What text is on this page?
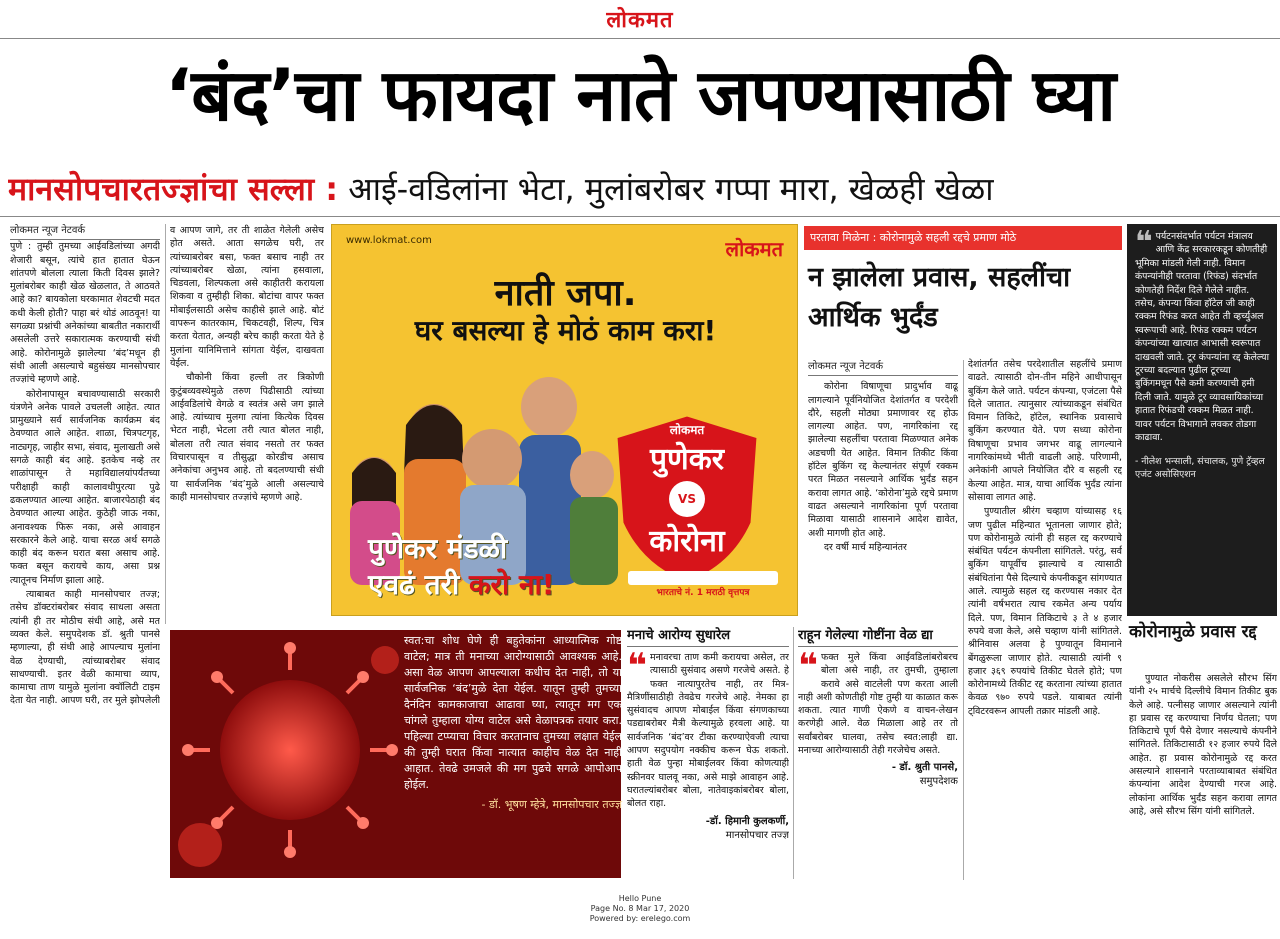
लोकमत
‘बंद’चा फायदा नाते जपण्यासाठी घ्या
मानसोपचारतज्ज्ञांचा सल्ला : आई-वडिलांना भेटा, मुलांबरोबर गप्पा मारा, खेळही खेळा
लोकमत न्यूज नेटवर्क

पुणे : तुम्ही तुमच्या आईवडिलांच्या अगदी शेजारी बसून, त्यांचे हात हातात घेऊन शांतपणे बोलला त्याला किती दिवस झाले? मुलांबरोबर काही खेळ खेळलात, ते आठवते आहे का? बायकोला घरकामात शेवटची मदत कधी केली होती? पाहा बरं थोडं आठवून! या सगळ्या प्रश्नांची अनेकांच्या बाबतीत नकारार्थी असलेली उत्तरे सकारात्मक करण्याची संधी आहे. कोरोनामुळे झालेल्या ‘बंद’मधून ही संधी आली असल्याचे बहुसंख्य मानसोपचार तज्ज्ञांचे म्हणणे आहे.

कोरोनापासून बचावण्यासाठी सरकारी यंत्रणेने अनेक पावले उचलली आहेत. त्यात प्रामुख्याने सर्व सार्वजनिक कार्यक्रम बंद ठेवण्यात आले आहेत. शाळा, चित्रपटगृह, नाट्यगृह, जाहीर सभा, संवाद, मुलाखती असे सगळे काही बंद आहे. इतकेच नव्हे तर शाळांपासून ते महाविद्यालयांपर्यंतच्या परीक्षाही काही कालावधीपुरत्या पुढे ढकलण्यात आल्या आहेत. बाजारपेठाही बंद ठेवण्यात आल्या आहेत. कुठेही जाऊ नका, अनावश्यक फिरू नका, असे आवाहन सरकारने केले आहे. याचा सरळ अर्थ सगळे काही बंद करून घरात बसा असाच आहे. फक्त बसून करायचे काय, असा प्रश्न त्यातूनच निर्माण झाला आहे.

त्याबाबत काही मानसोपचार तज्ज्ञ; तसेच डॉक्टरांबरोबर संवाद साधला असता त्यांनी ही तर मोठीच संधी आहे, असे मत व्यक्त केले. समुपदेशक डॉ. श्रुती पानसे म्हणाल्या, ही संधी आहे आपल्याच मुलांना वेळ देण्याची, त्यांच्याबरोबर संवाद साधण्याची. इतर वेळी कामाचा व्याप, कामाचा ताण यामुळे मुलांना क्वॉलिटी टाइम देता येत नाही. आपण घरी, तर मुले झोपलेली

व आपण जागे, तर ती शाळेत गेलेली असेच होत असते. आता सगळेच घरी, तर त्यांच्याबरोबर बसा, फक्त बसाच नाही तर त्यांच्याबरोबर खेळा, त्यांना हसवाला, चिडवला, शिल्पकला असे काहीतरी करायला शिकवा व तुम्हीही शिका. बोटांचा वापर फक्त मोबाईलसाठी असेच काहीसे झाले आहे. बोटं वापरून कातरकाम, चिकटवही, शिल्प, चित्र करता येतात, अन्यही बरेच काही करता येते हे मुलांना यानिमित्ताने सांगता येईल, दाखवता येईल.

चौकोनी किंवा हल्ली तर त्रिकोणी कुटुंबव्यवस्थेमुळे तरुण पिढीसाठी त्यांच्या आईवडिलांचे वेगळे व स्वतंत्र असे जग झाले आहे. त्यांच्याच मुलगा त्यांना कित्येक दिवस भेटत नाही, भेटला तरी त्यात बोलत नाही, बोलला तरी त्यात संवाद नसतो तर फक्त विचारपासून व तीसुद्धा कोरडीच असाच अनेकांचा अनुभव आहे. तो बदलण्याची संधी या सार्वजनिक ‘बंद’मुळे आली असल्याचे काही मानसोपचार तज्ज्ञांचे म्हणणे आहे.

www.lokmat.com	लोकमत
नाती जपा.
घर बसल्या हे मोठं काम करा!
लोकमत
पुणेकर
VS
कोरोना
पुणेकर मंडळी
एवढं तरी करो ना!	भारताचे नं. 1 मराठी वृत्तपत्र
परतावा मिळेना : कोरोनामुळे सहली रद्दचे प्रमाण मोठे
न झालेला प्रवास, सहलींचा आर्थिक भुर्दंड
लोकमत न्यूज नेटवर्क

कोरोना विषाणूचा प्रादुर्भाव वाढू लागल्याने पूर्वनियोजित देशांतर्गत व परदेशी दौरे, सहली मोठ्या प्रमाणावर रद्द होऊ लागल्या आहेत. पण, नागरिकांना रद्द झालेल्या सहलींचा परतावा मिळण्यात अनेक अडचणी येत आहेत. विमान तिकीट किंवा हॉटेल बुकिंग रद्द केल्यानंतर संपूर्ण रक्कम परत मिळत नसल्याने आर्थिक भुर्दंड सहन करावा लागत आहे. ‘कोरोना’मुळे रद्दचे प्रमाण वाढत असल्याने नागरिकांना पूर्ण परतावा मिळावा यासाठी शासनाने आदेश द्यावेत, अशी मागणी होत आहे.

दर वर्षी मार्च महिन्यानंतर

देशांतर्गत तसेच परदेशातील सहलींचे प्रमाण वाढते. त्यासाठी दोन-तीन महिने आधीपासून बुकिंग केले जाते. पर्यटन कंपन्या, एजंटला पैसे दिले जातात. त्यानुसार त्यांच्याकडून संबंधित विमान तिकिटे, हॉटेल, स्थानिक प्रवासाचे बुकिंग करण्यात येते. पण सध्या कोरोना विषाणूचा प्रभाव जगभर वाढू लागल्याने नागरिकांमध्ये भीती वाढली आहे. परिणामी, अनेकांनी आपले नियोजित दौरे व सहली रद्द केल्या आहेत. मात्र, याचा आर्थिक भुर्दंड त्यांना सोसावा लागत आहे.

पुण्यातील श्रीरंग चव्हाण यांच्यासह १६ जण पुढील महिन्यात भूतानला जाणार होते; पण कोरोनामुळे त्यांनी ही सहल रद्द करण्याचे संबंधित पर्यटन कंपनीला सांगितले. परंतु, सर्व बुकिंग यापूर्वीच झाल्याचे व त्यासाठी संबंधितांना पैसे दिल्याचे कंपनीकडून सांगण्यात आले. त्यामुळे सहल रद्द करण्यास नकार देत त्यांनी वर्षभरात त्याच रकमेत अन्य पर्याय दिले. पण, विमान तिकिटाचे ३ ते ४ हजार रुपये वजा केले, असे चव्हाण यांनी सांगितले. श्रीनिवास अलवा हे पुण्यातून विमानाने बेंगळुरूला जाणार होते. त्यासाठी त्यांनी ९ हजार ३६९ रुपयांचे तिकीट घेतले होते; पण कोरोनामध्ये तिकीट रद्द करताना त्यांच्या हातात केवळ ९७० रुपये पडले. याबाबत त्यांनी ट्विटरवरून आपली तक्रार मांडली आहे.

❝ पर्यटनसंदर्भात पर्यटन मंत्रालय आणि केंद्र सरकारकडून कोणतीही भूमिका मांडली गेली नाही. विमान कंपन्यांनीही परतावा (रिफंड) संदर्भात कोणतेही निर्देश दिले गेलेले नाहीत. तसेच, कंपन्या किंवा हॉटेल जी काही रक्कम रिफंड करत आहेत ती व्हर्च्युअल स्वरूपाची आहे. रिफंड रक्कम पर्यटन कंपन्यांच्या खात्यात आभासी स्वरूपात दाखवली जाते. टूर कंपन्यांना रद्द केलेल्या टूरच्या बदल्यात पुढील टूरच्या बुकिंगमधून पैसे कमी करण्याची हमी दिली जाते. यामुळे टूर व्यावसायिकांच्या हातात रिफंडची रक्कम मिळत नाही. यावर पर्यटन विभागाने लवकर तोडगा काढावा.
- नीलेश भन्साली, संचालक, पुणे ट्रॅव्हल एजंट असोसिएशन
स्वत:चा शोध घेणे ही बहुतेकांना आध्यात्मिक गोष्ट वाटेल; मात्र ती मनाच्या आरोग्यासाठी आवश्यक आहे. असा वेळ आपण आपल्याला कधीच देत नाही, तो या सार्वजनिक ‘बंद’मुळे देता येईल. यातून तुम्ही तुमच्या दैनंदिन कामकाजाचा आढावा घ्या, त्यातून मग एक चांगले तुम्हाला योग्य वाटेल असे वेळापत्रक तयार करा. पहिल्या टप्प्याचा विचार करतानाच तुमच्या लक्षात येईल की तुम्ही घरात किंवा नात्यात काहीच वेळ देत नाही आहात. तेवढे उमजले की मग पुढचे सगळे आपोआप होईल.
- डॉ. भूषण म्हेत्रे, मानसोपचार तज्ज्ञ
मनाचे आरोग्य सुधारेल
❝ मनावरचा ताण कमी करायचा असेल, तर त्यासाठी सुसंवाद असणे गरजेचे असते. हे फक्त नात्यापुरतेच नाही, तर मित्र-मैत्रिणींसाठीही तेवढेच गरजेचे आहे. नेमका हा सुसंवादच आपण मोबाईल किंवा संगणकाच्या पडद्याबरोबर मैत्री केल्यामुळे हरवला आहे. या सार्वजनिक ‘बंद’वर टीका करण्याऐवजी त्याचा आपण सदुपयोग नक्कीच करून घेऊ शकतो. हाती वेळ पुन्हा मोबाईलवर किंवा कोणत्याही स्क्रीनवर घालवू नका, असे माझे आवाहन आहे. घरातल्यांबरोबर बोला, नातेवाइकांबरोबर बोला, बोलत राहा.
-डॉ. हिमानी कुलकर्णी,
मानसोपचार तज्ज्ञ
राहून गेलेल्या गोष्टींना वेळ द्या
❝ फक्त मुले किंवा आईवडिलांबरोबरच बोला असे नाही, तर तुमची, तुम्हाला करावे असे वाटलेली पण करता आली नाही अशी कोणतीही गोष्ट तुम्ही या काळात करू शकता. त्यात गाणी ऐकणे व वाचन-लेखन करणेही आले. वेळ मिळाला आहे तर तो सर्वांबरोबर घालवा, तसेच स्वत:लाही द्या. मनाच्या आरोग्यासाठी तेही गरजेचेच असते.
- डॉ. श्रुती पानसे,
समुपदेशक
कोरोनामुळे प्रवास रद्द

पुण्यात नोकरीस असलेले सौरभ सिंग यांनी २५ मार्चचे दिल्लीचे विमान तिकीट बुक केले आहे. पत्नीसह जाणार असल्याने त्यांनी हा प्रवास रद्द करण्याचा निर्णय घेतला; पण तिकिटाचे पूर्ण पैसे देणार नसल्याचे कंपनीने सांगितले. तिकिटासाठी १२ हजार रुपये दिले आहेत. हा प्रवास कोरोनामुळे रद्द करत असल्याने शासनाने परताव्याबाबत संबंधित कंपन्यांना आदेश देण्याची गरज आहे. लोकांना आर्थिक भुर्दंड सहन करावा लागत आहे, असे सौरभ सिंग यांनी सांगितले.

Hello Pune
Page No. 8 Mar 17, 2020
Powered by: erelego.com
